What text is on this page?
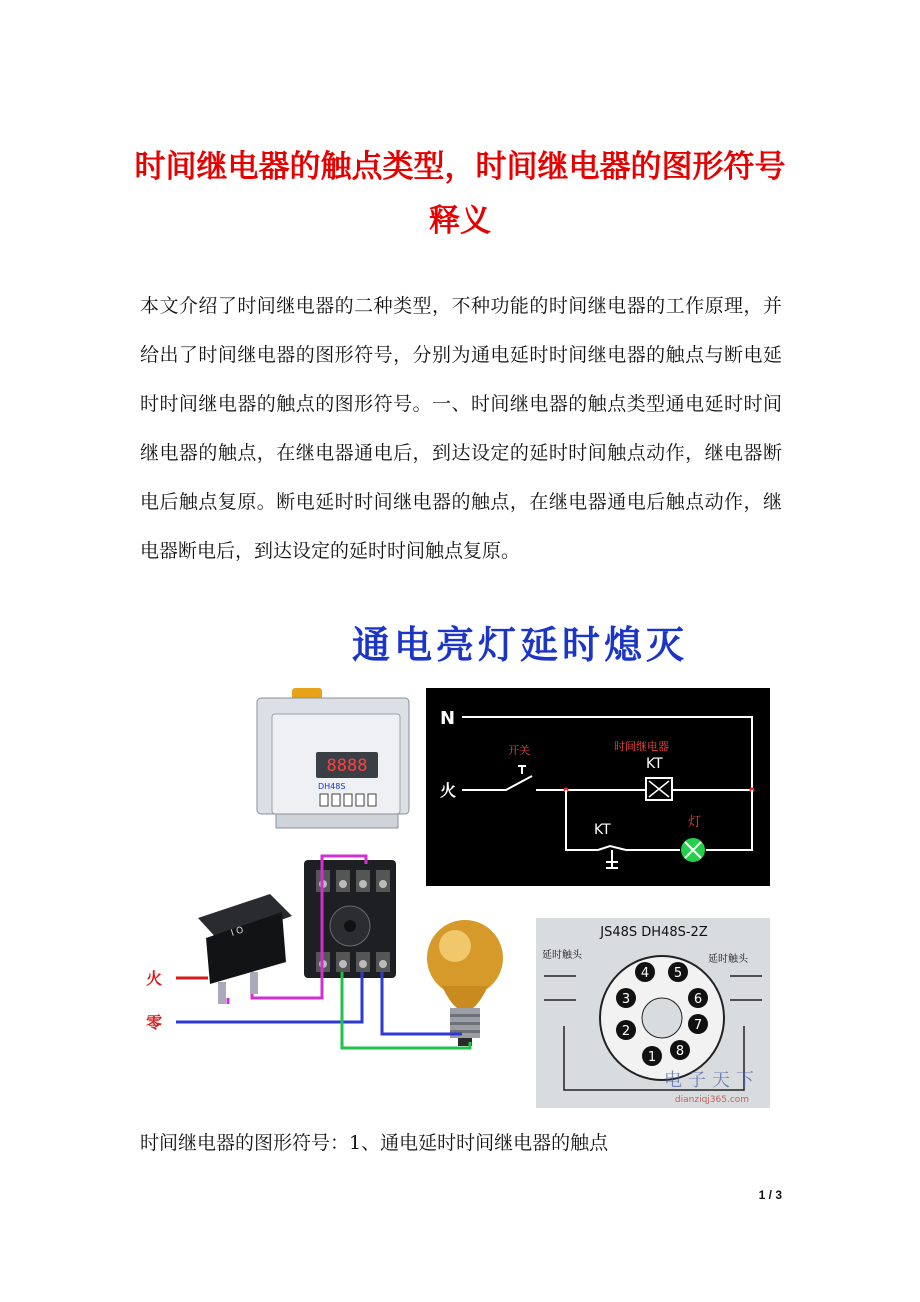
时间继电器的触点类型，时间继电器的图形符号释义

本文介绍了时间继电器的二种类型，不种功能的时间继电器的工作原理，并给出了时间继电器的图形符号，分别为通电延时时间继电器的触点与断电延时时间继电器的触点的图形符号。一、时间继电器的触点类型通电延时时间继电器的触点，在继电器通电后，到达设定的延时时间触点动作，继电器断电后触点复原。断电延时时间继电器的触点，在继电器通电后触点动作，继电器断电后，到达设定的延时时间触点复原。

通电亮灯延时熄灭
8888
DH48S
I O
火
零
N
火
开关	时间继电器
KT
KT	灯
JS48S DH48S-2Z
延时触头	延时触头
4 5
3	6
2	7
1 8
电子天下
dianziqj365.com

时间继电器的图形符号：1、通电延时时间继电器的触点

1 / 3
